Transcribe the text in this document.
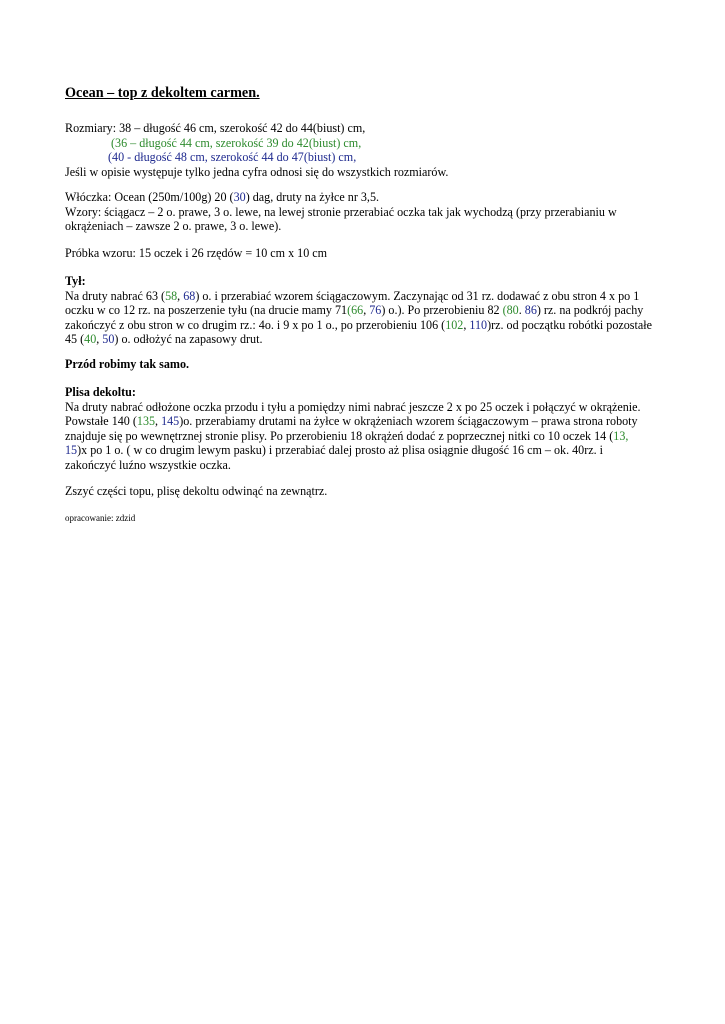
Ocean – top z dekoltem carmen.
Rozmiary: 38 – długość 46 cm, szerokość 42 do 44(biust) cm,
(36 – długość 44 cm, szerokość 39 do 42(biust) cm,
(40 - długość 48 cm, szerokość 44 do 47(biust) cm,
Jeśli w opisie występuje tylko jedna cyfra odnosi się do wszystkich rozmiarów.
Włóczka: Ocean (250m/100g) 20 (30) dag, druty na żyłce nr 3,5.
Wzory: ściągacz – 2 o. prawe, 3 o. lewe, na lewej stronie przerabiać oczka tak jak wychodzą (przy przerabianiu w
okrążeniach – zawsze 2 o. prawe, 3 o. lewe).
Próbka wzoru: 15 oczek i 26 rzędów = 10 cm x 10 cm
Tył:
Na druty nabrać 63 (58, 68) o. i przerabiać wzorem ściągaczowym. Zaczynając od 31 rz. dodawać z obu stron 4 x po 1
oczku w co 12 rz. na poszerzenie tyłu (na drucie mamy 71(66, 76) o.). Po przerobieniu 82 (80. 86) rz. na podkrój pachy
zakończyć z obu stron w co drugim rz.: 4o. i 9 x po 1 o., po przerobieniu 106 (102, 110)rz. od początku robótki pozostałe
45 (40, 50) o. odłożyć na zapasowy drut.
Przód robimy tak samo.
Plisa dekoltu:
Na druty nabrać odłożone oczka przodu i tyłu a pomiędzy nimi nabrać jeszcze 2 x po 25 oczek i połączyć w okrążenie.
Powstałe 140 (135, 145)o. przerabiamy drutami na żyłce w okrążeniach wzorem ściągaczowym – prawa strona roboty
znajduje się po wewnętrznej stronie plisy. Po przerobieniu 18 okrążeń dodać z poprzecznej nitki co 10 oczek 14 (13,
15)x po 1 o. ( w co drugim lewym pasku) i przerabiać dalej prosto aż plisa osiągnie długość 16 cm – ok. 40rz. i
zakończyć luźno wszystkie oczka.
Zszyć części topu, plisę dekoltu odwinąć na zewnątrz.
opracowanie: zdzid
